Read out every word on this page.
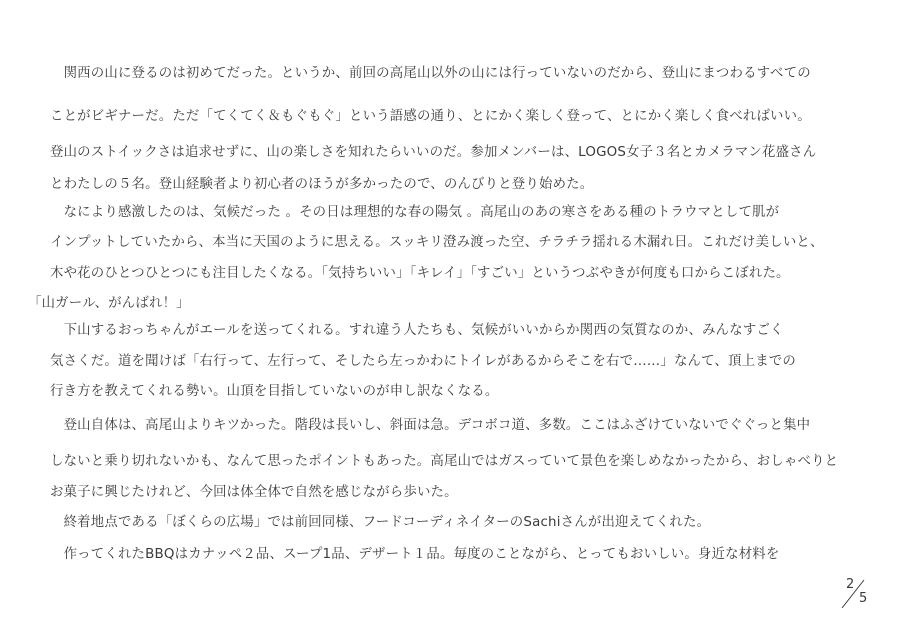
　関西の山に登るのは初めてだった。というか、前回の高尾山以外の山には行っていないのだから、登山にまつわるすべての
ことがビギナーだ。ただ「てくてく＆もぐもぐ」という語感の通り、とにかく楽しく登って、とにかく楽しく食べればいい。
登山のストイックさは追求せずに、山の楽しさを知れたらいいのだ。参加メンバーは、LOGOS女子３名とカメラマン花盛さん
とわたしの５名。登山経験者より初心者のほうが多かったので、のんびりと登り始めた。
　なにより感激したのは、気候だった 。その日は理想的な春の陽気 。高尾山のあの寒さをある種のトラウマとして肌が
インプットしていたから、本当に天国のように思える。スッキリ澄み渡った空、チラチラ揺れる木漏れ日。これだけ美しいと、
木や花のひとつひとつにも注目したくなる。「気持ちいい」「キレイ」「すごい」というつぶやきが何度も口からこぼれた。
「山ガール、がんばれ！」
　下山するおっちゃんがエールを送ってくれる。すれ違う人たちも、気候がいいからか関西の気質なのか、みんなすごく
気さくだ。道を聞けば「右行って、左行って、そしたら左っかわにトイレがあるからそこを右で……」なんて、頂上までの
行き方を教えてくれる勢い。山頂を目指していないのが申し訳なくなる。
　登山自体は、高尾山よりキツかった。階段は長いし、斜面は急。デコボコ道、多数。ここはふざけていないでぐぐっと集中
しないと乗り切れないかも、なんて思ったポイントもあった。高尾山ではガスっていて景色を楽しめなかったから、おしゃべりと
お菓子に興じたけれど、今回は体全体で自然を感じながら歩いた。
　終着地点である「ぼくらの広場」では前回同様、フードコーディネイターのSachiさんが出迎えてくれた。
　作ってくれたBBQはカナッペ２品、スープ1品、デザート１品。毎度のことながら、とってもおいしい。身近な材料を
2
5
